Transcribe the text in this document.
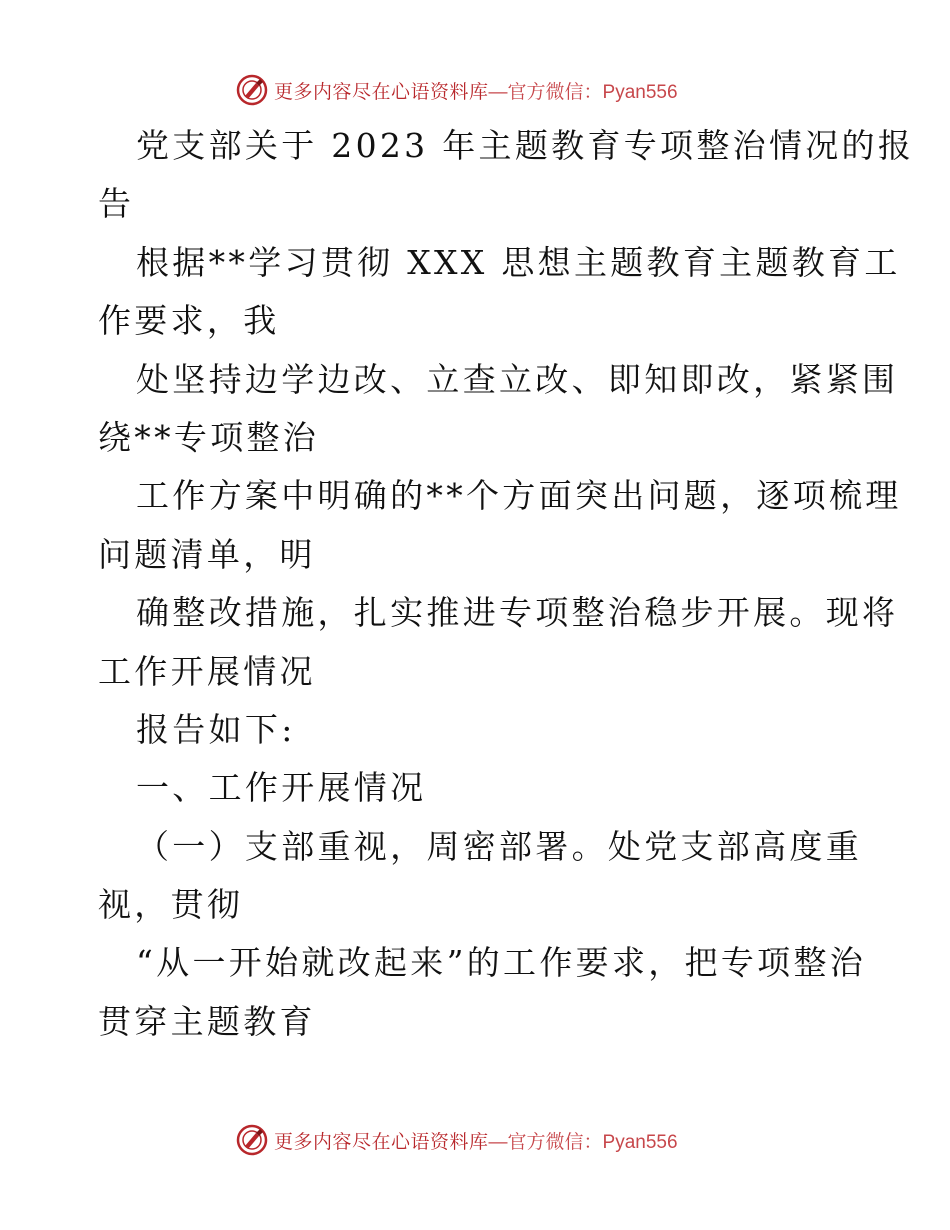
更多内容尽在心语资料库 —官方微信：Pyan556
党支部关于 2023 年主题教育专项整治情况的报
告
根据**学习贯彻 XXX 思想主题教育主题教育工
作要求，我
处坚持边学边改、立查立改、即知即改，紧紧围
绕**专项整治
工作方案中明确的**个方面突出问题，逐项梳理
问题清单，明
确整改措施，扎实推进专项整治稳步开展。现将
工作开展情况
报告如下:
一、工作开展情况
（一）支部重视，周密部署。处党支部高度重
视，贯彻
“从一开始就改起来”的工作要求，把专项整治
贯穿主题教育
更多内容尽在心语资料库 —官方微信：Pyan556
